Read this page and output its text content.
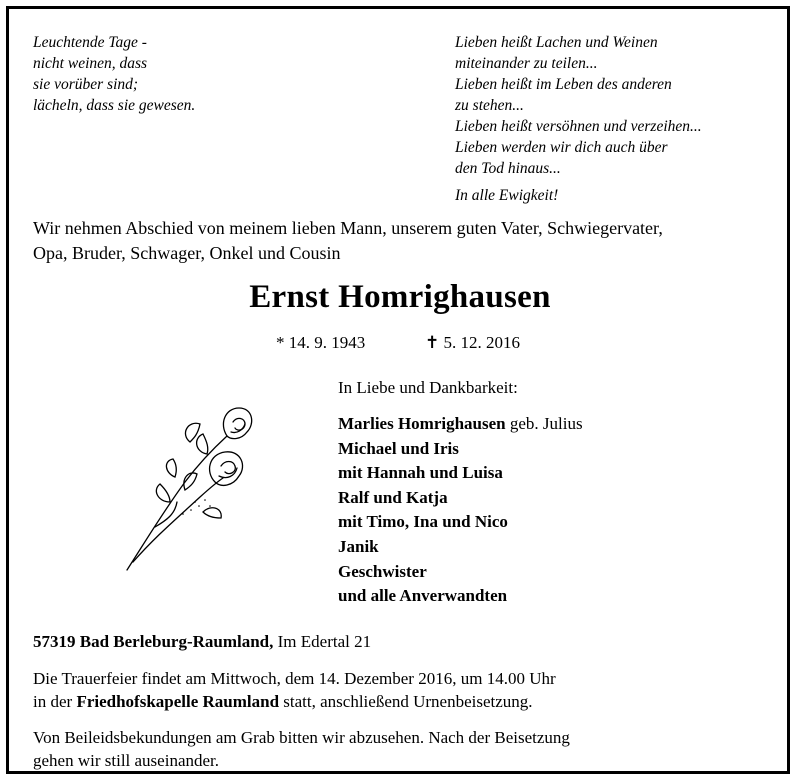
Leuchtende Tage -
nicht weinen, dass
sie vorüber sind;
lächeln, dass sie gewesen.
Lieben heißt Lachen und Weinen
miteinander zu teilen...
Lieben heißt im Leben des anderen
zu stehen...
Lieben heißt versöhnen und verzeihen...
Lieben werden wir dich auch über
den Tod hinaus...
In alle Ewigkeit!
Wir nehmen Abschied von meinem lieben Mann, unserem guten Vater, Schwiegervater,
Opa, Bruder, Schwager, Onkel und Cousin
Ernst Homrighausen
* 14. 9. 1943	✝ 5. 12. 2016
In Liebe und Dankbarkeit:
Marlies Homrighausen geb. Julius
Michael und Iris
mit Hannah und Luisa
Ralf und Katja
mit Timo, Ina und Nico
Janik
Geschwister
und alle Anverwandten
57319 Bad Berleburg-Raumland, Im Edertal 21
Die Trauerfeier findet am Mittwoch, dem 14. Dezember 2016, um 14.00 Uhr
in der Friedhofskapelle Raumland statt, anschließend Urnenbeisetzung.
Von Beileidsbekundungen am Grab bitten wir abzusehen. Nach der Beisetzung
gehen wir still auseinander.
